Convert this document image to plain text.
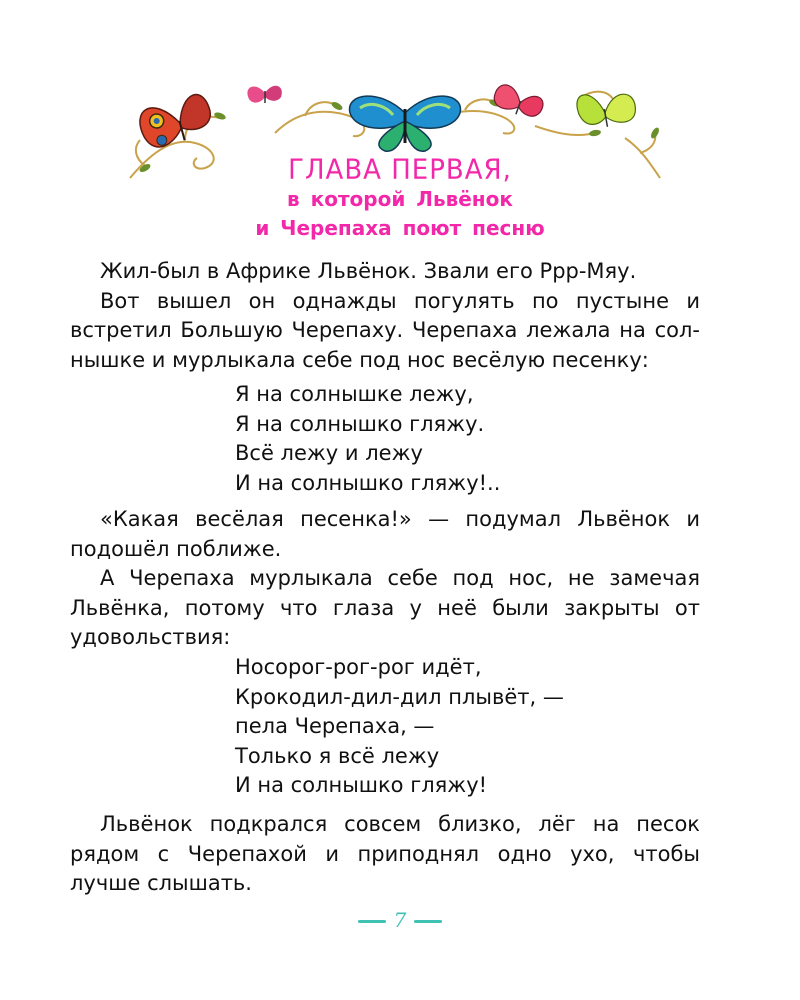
ГЛАВА ПЕРВАЯ,
в которой Львёнок
и Черепаха поют песню

Жил-был в Африке Львёнок. Звали его Ррр-Мяу.

Вот вышел он однажды погулять по пустыне и

встретил Большую Черепаху. Черепаха лежала на сол-

нышке и мурлыкала себе под нос весёлую песенку:

Я на солнышке лежу,
Я на солнышко гляжу.
Всё лежу и лежу
И на солнышко гляжу!..

«Какая весёлая песенка!» — подумал Львёнок и

подошёл поближе.

А Черепаха мурлыкала себе под нос, не замечая

Львёнка, потому что глаза у неё были закрыты от

удовольствия:

Носорог-рог-рог идёт,
Крокодил-дил-дил плывёт, —
пела Черепаха, —
Только я всё лежу
И на солнышко гляжу!

Львёнок подкрался совсем близко, лёг на песок

рядом с Черепахой и приподнял одно ухо, чтобы

лучше слышать.

7
